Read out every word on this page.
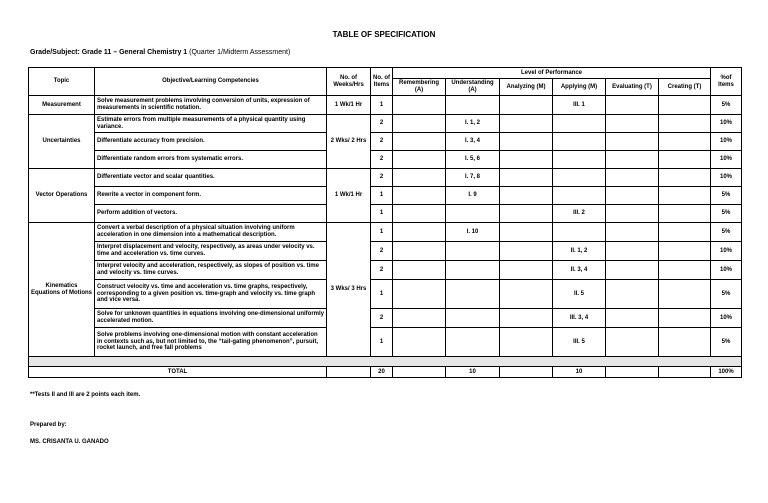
TABLE OF SPECIFICATION
Grade/Subject: Grade 11 – General Chemistry 1 (Quarter 1/Midterm Assessment)
Topic	Objective/Learning Competencies	No. of Weeks/Hrs	No. of Items	Level of Performance						%of Items
				Remembering (A)	Understanding (A)	Analyzing (M)	Applying (M)	Evaluating (T)	Creating (T)	
Measurement	Solve measurement problems involving conversion of units, expression of measurements in scientific notation.	1 Wk/1 Hr	1				III. 1			5%
Uncertainties	Estimate errors from multiple measurements of a physical quantity using variance.	2 Wks/ 2 Hrs	2		I. 1, 2					10%
	Differentiate accuracy from precision.		2		I. 3, 4					10%
	Differentiate random errors from systematic errors.		2		I. 5, 6					10%
Vector Operations	Differentiate vector and scalar quantities.	1 Wk/1 Hr	2		I. 7, 8					10%
	Rewrite a vector in component form.		1		I. 9					5%
	Perform addition of vectors.		1				III. 2			5%
Kinematics Equations of Motions	Convert a verbal description of a physical situation involving uniform acceleration in one dimension into a mathematical description.	3 Wks/ 3 Hrs	1		I. 10					5%
	Interpret displacement and velocity, respectively, as areas under velocity vs. time and acceleration vs. time curves.		2				II. 1, 2			10%
	Interpret velocity and acceleration, respectively, as slopes of position vs. time and velocity vs. time curves.		2				II. 3, 4			10%
	Construct velocity vs. time and acceleration vs. time graphs, respectively, corresponding to a given position vs. time-graph and velocity vs. time graph and vice versa.		1				II. 5			5%
	Solve for unknown quantities in equations involving one-dimensional uniformly accelerated motion.		2				III. 3, 4			10%
	Solve problems involving one-dimensional motion with constant acceleration in contexts such as, but not limited to, the “tail-gating phenomenon”, pursuit, rocket launch, and free fall problems		1				III. 5			5%

TOTAL			20		10		10			100%
**Tests II and III are 2 points each item.
Prepared by:
MS. CRISANTA U. GANADO
